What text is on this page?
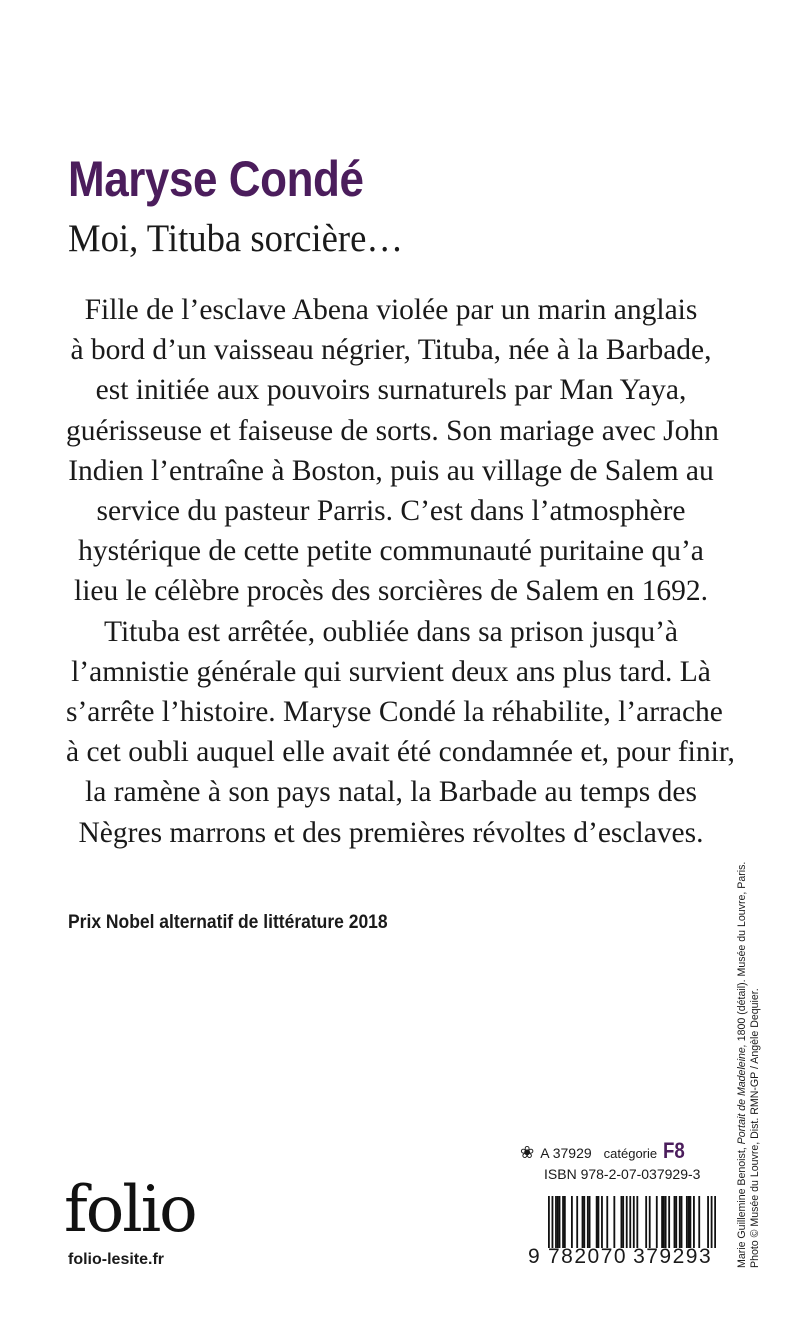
Maryse Condé
Moi, Tituba sorcière…
Fille de l’esclave Abena violée par un marin anglais
à bord d’un vaisseau négrier, Tituba, née à la Barbade,
est initiée aux pouvoirs surnaturels par Man Yaya,
guérisseuse et faiseuse de sorts. Son mariage avec John
Indien l’entraîne à Boston, puis au village de Salem au
service du pasteur Parris. C’est dans l’atmosphère
hystérique de cette petite communauté puritaine qu’a
lieu le célèbre procès des sorcières de Salem en 1692.
Tituba est arrêtée, oubliée dans sa prison jusqu’à
l’amnistie générale qui survient deux ans plus tard. Là
s’arrête l’histoire. Maryse Condé la réhabilite, l’arrache
à cet oubli auquel elle avait été condamnée et, pour finir,
la ramène à son pays natal, la Barbade au temps des
Nègres marrons et des premières révoltes d’esclaves.
Prix Nobel alternatif de littérature 2018
❀ A 37929 catégorie F8
ISBN 978-2-07-037929-3
9 782070 379293
folio
folio-lesite.fr	Marie Guillemine Benoist, Portait de Madeleine, 1800 (détail). Musée du Louvre, Paris.
Photo © Musée du Louvre, Dist. RMN-GP / Angèle Dequier.
